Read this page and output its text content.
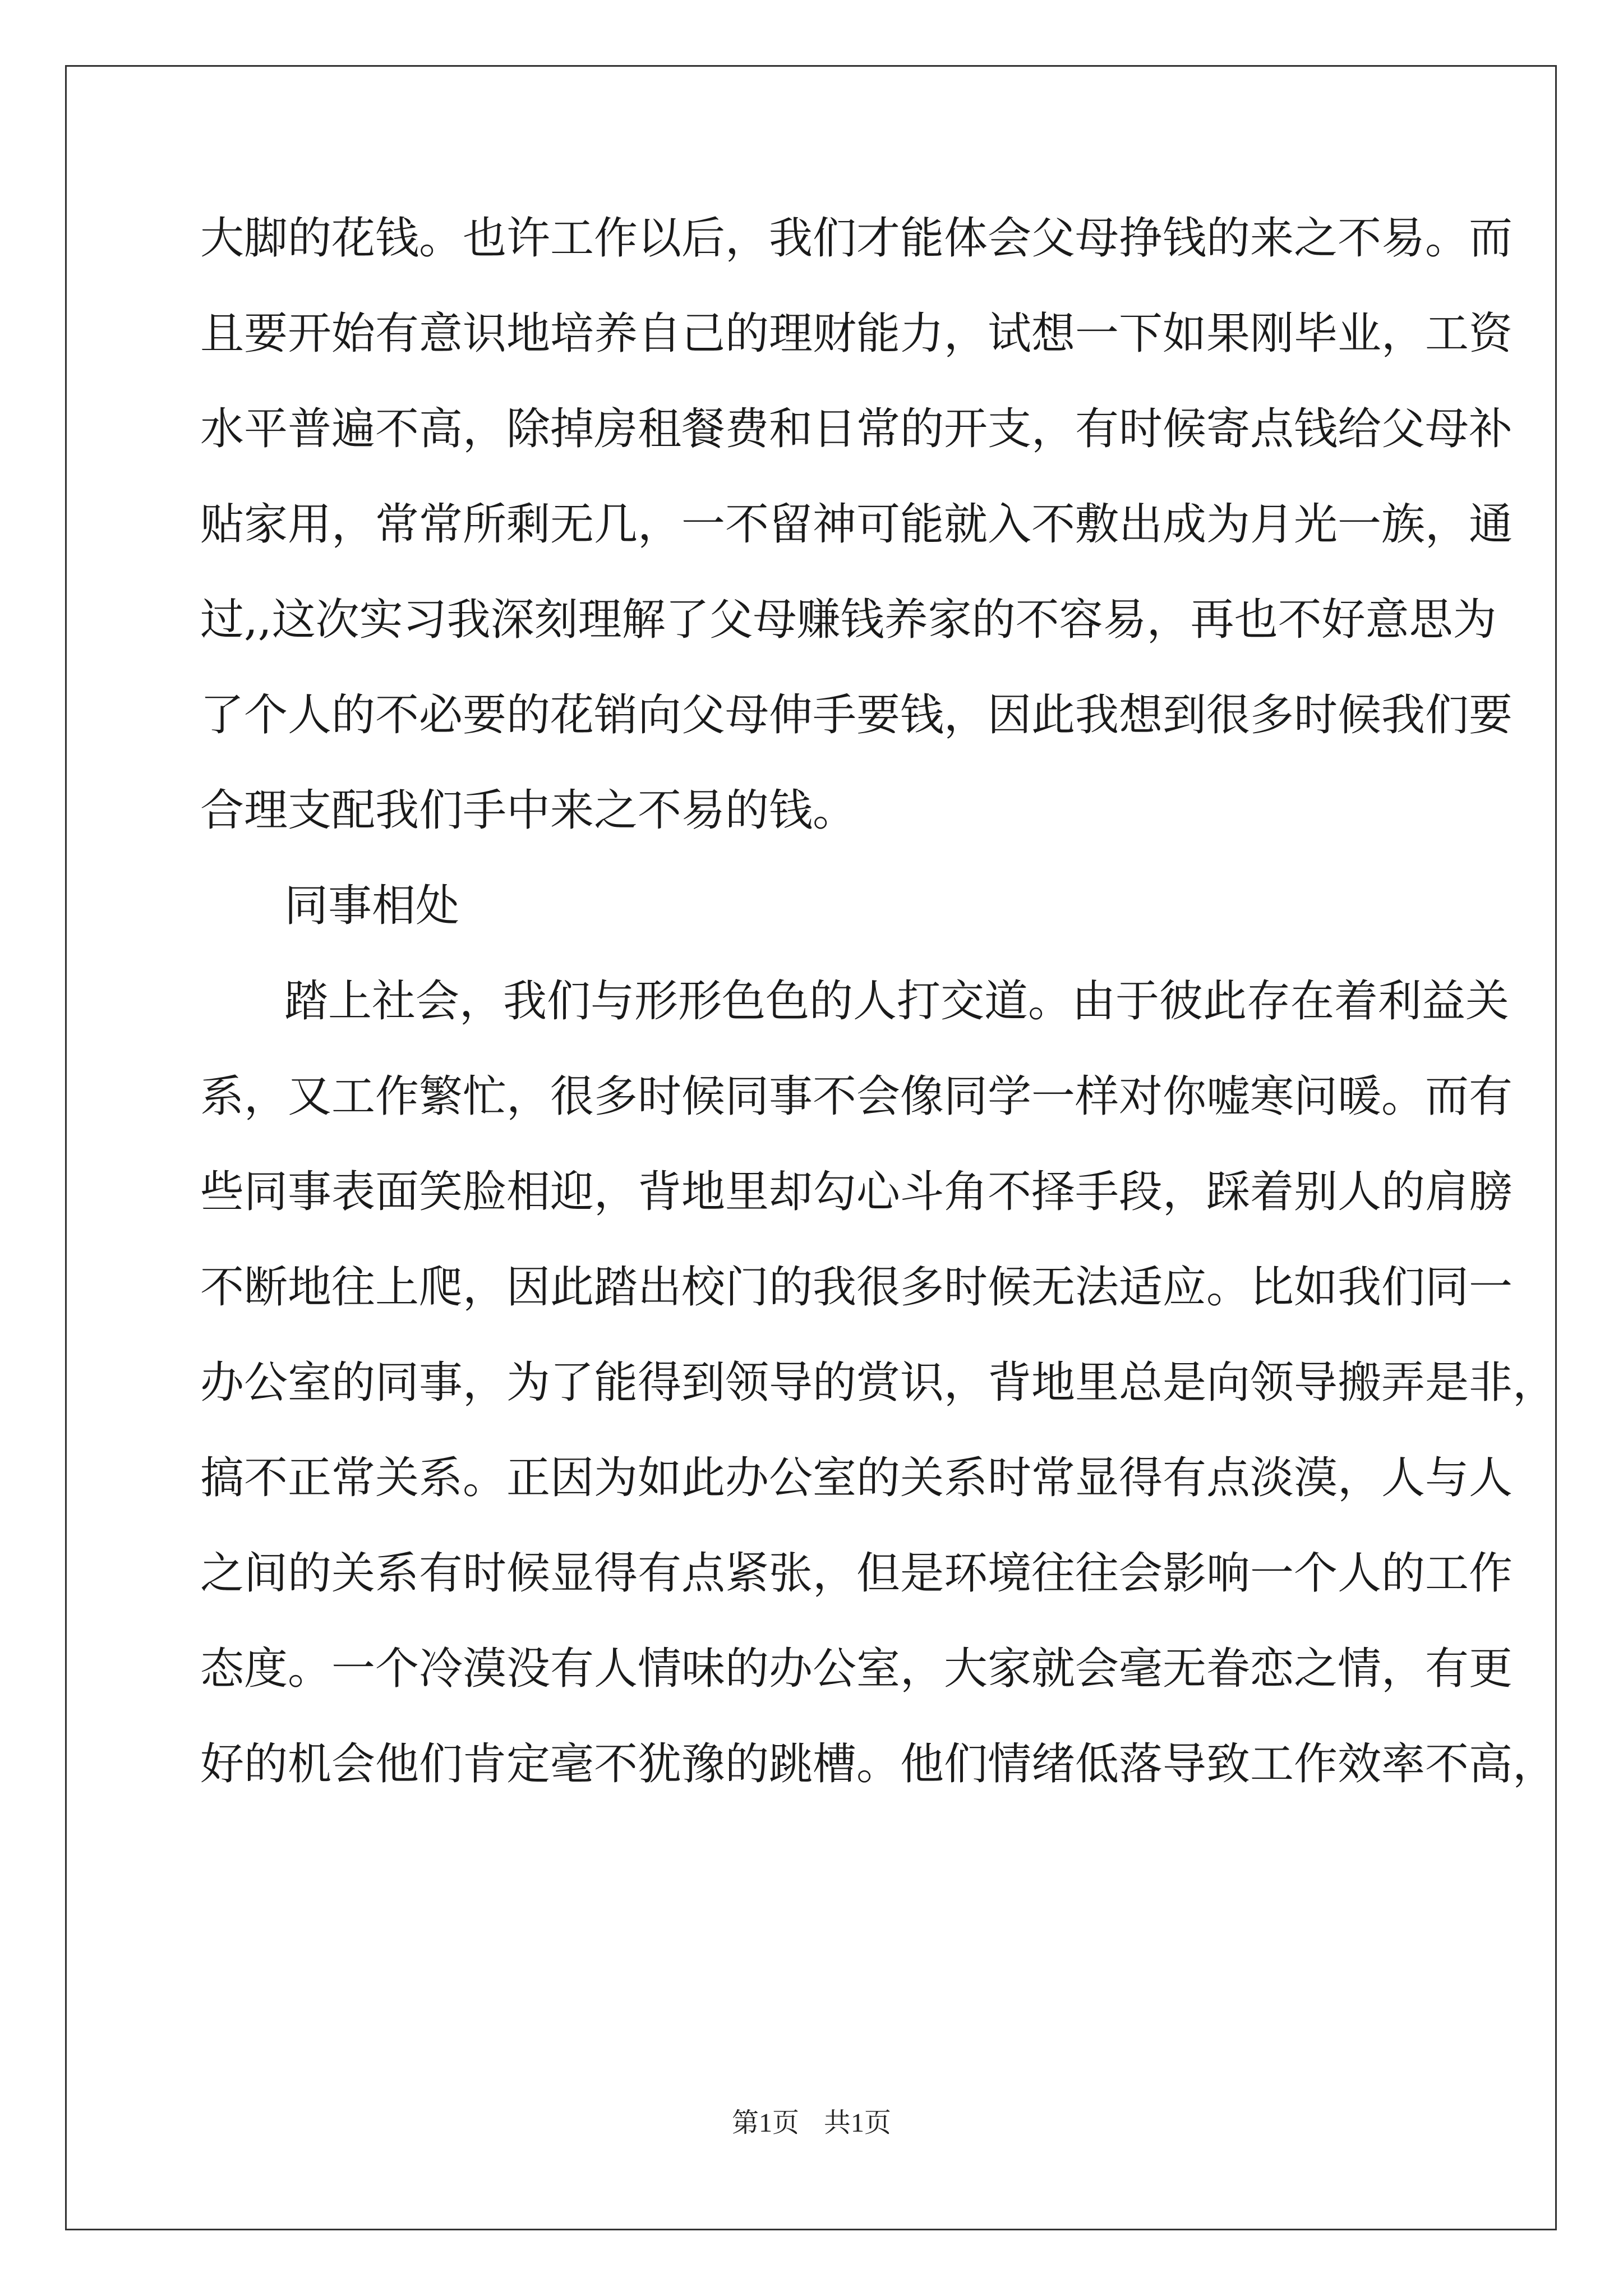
大脚的花钱。也许工作以后，我们才能体会父母挣钱的来之不易。而
且要开始有意识地培养自己的理财能力，试想一下如果刚毕业，工资
水平普遍不高，除掉房租餐费和日常的开支，有时候寄点钱给父母补
贴家用，常常所剩无几，一不留神可能就入不敷出成为月光一族，通
过,,这次实习我深刻理解了父母赚钱养家的不容易，再也不好意思为
了个人的不必要的花销向父母伸手要钱，因此我想到很多时候我们要
合理支配我们手中来之不易的钱。
同事相处
踏上社会，我们与形形色色的人打交道。由于彼此存在着利益关
系，又工作繁忙，很多时候同事不会像同学一样对你嘘寒问暖。而有
些同事表面笑脸相迎，背地里却勾心斗角不择手段，踩着别人的肩膀
不断地往上爬，因此踏出校门的我很多时候无法适应。比如我们同一
办公室的同事，为了能得到领导的赏识，背地里总是向领导搬弄是非，
搞不正常关系。正因为如此办公室的关系时常显得有点淡漠，人与人
之间的关系有时候显得有点紧张，但是环境往往会影响一个人的工作
态度。一个冷漠没有人情味的办公室，大家就会毫无眷恋之情，有更
好的机会他们肯定毫不犹豫的跳槽。他们情绪低落导致工作效率不高，
第1页 共1页
